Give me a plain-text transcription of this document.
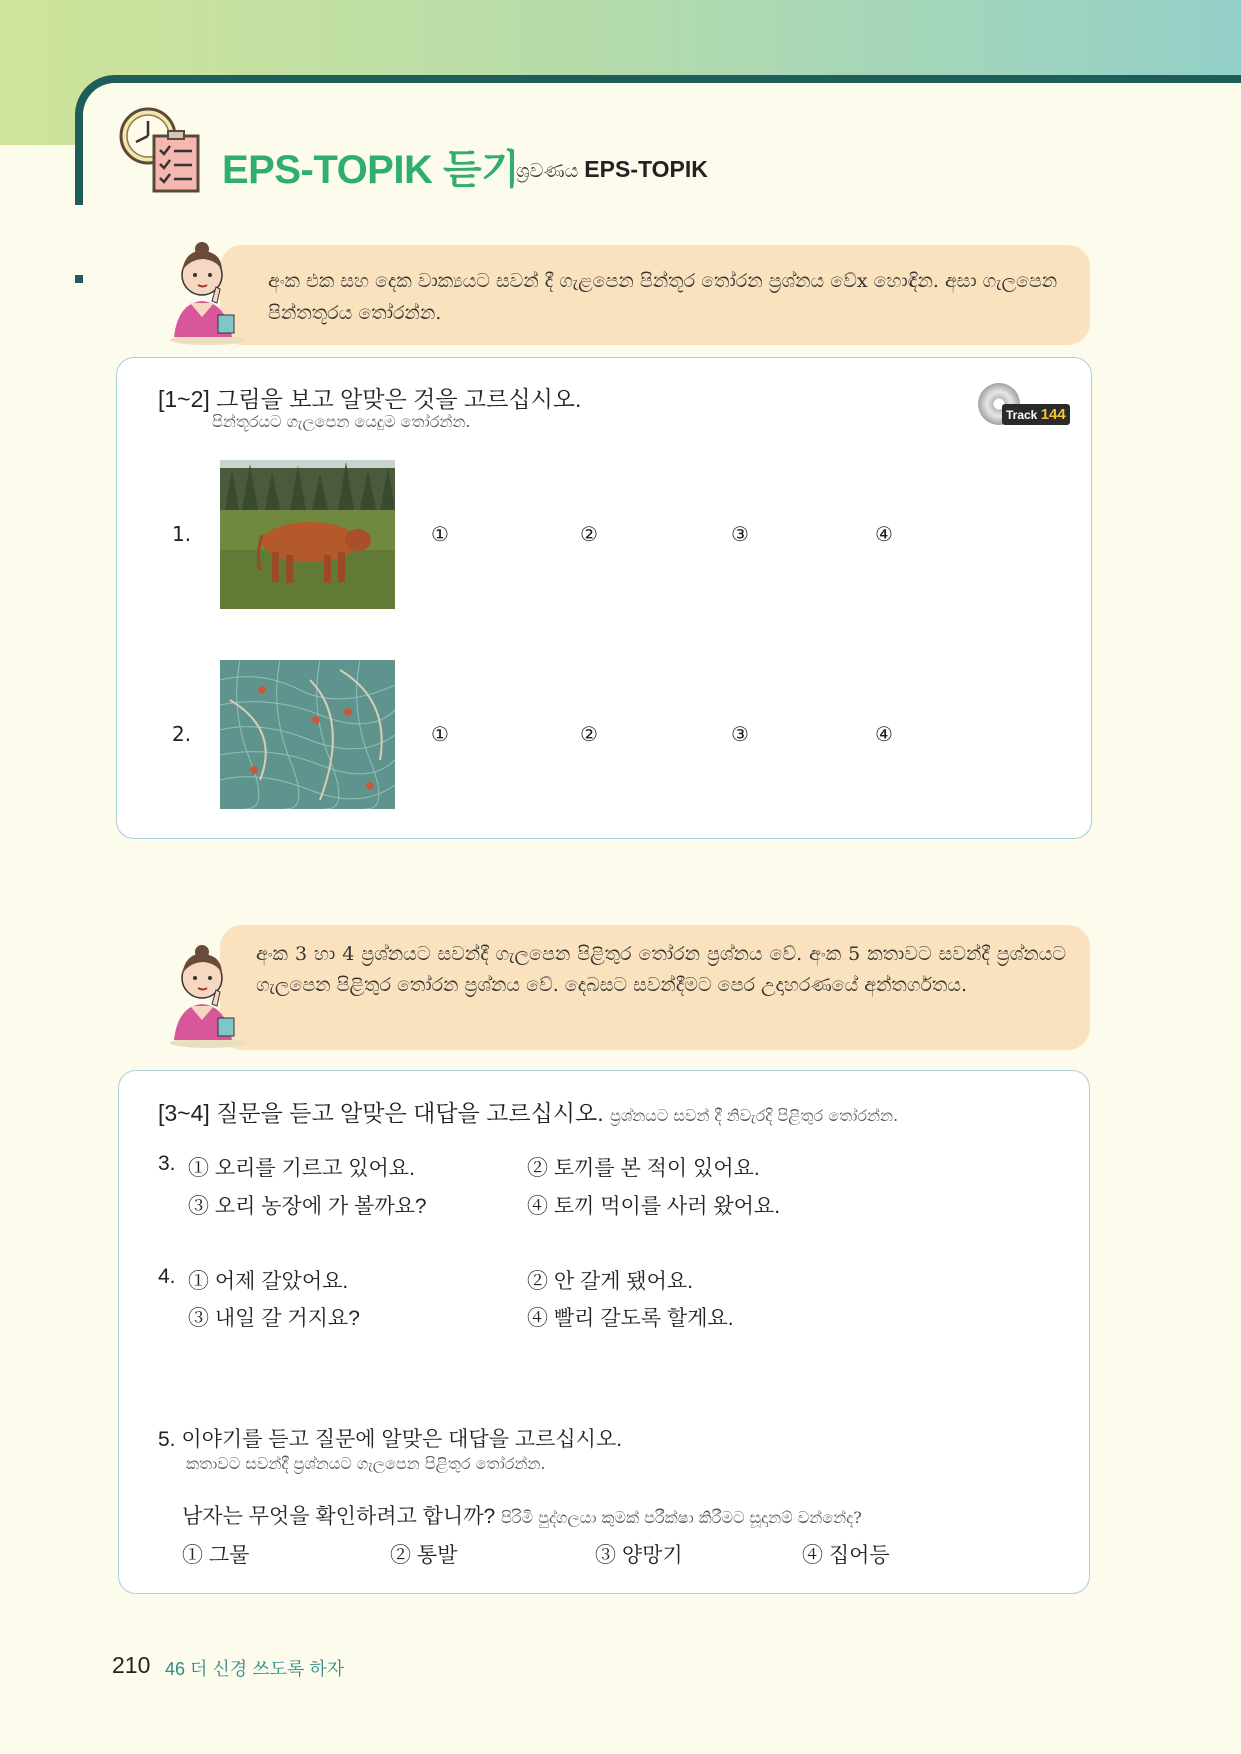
EPS-TOPIK 듣기
ශ්‍රවණය EPS-TOPIK

අංක එක සහ දෙක වාක්‍යයට සවන් දී ගැළපෙන පින්තූර තෝරන ප්‍රශ්නය වේx හොඳින. අසා ගැලපෙන පින්තතූරය තෝරන්න.

[1~2] 그림을 보고 알맞은 것을 고르십시오.
පින්තූරයට ගැලපෙන යෙදුම තෝරන්න.	Track 144
1.	①	②	③	④
2.	①	②	③	④

අංක 3 හා 4 ප්‍රශ්නයට සවන්දී ගැලපෙන පිළිතුර තෝරන ප්‍රශ්නය වේ. අංක 5 කතාවට සවන්දී ප්‍රශ්නයට ගැලපෙන පිළිතුර තෝරන ප්‍රශ්නය වේ. දෙබසට සවන්දීමට පෙර උදාහරණයේ අන්තර්ගතය.

[3~4] 질문을 듣고 알맞은 대답을 고르십시오. ප්‍රශ්නයට සවන් දී නිවැරදි පිළිතුර තෝරන්න.
3. ① 오리를 기르고 있어요.	② 토끼를 본 적이 있어요.
③ 오리 농장에 가 볼까요?	④ 토끼 먹이를 사러 왔어요.
4. ① 어제 갈았어요.	② 안 갈게 됐어요.
③ 내일 갈 거지요?	④ 빨리 갈도록 할게요.
5. 이야기를 듣고 질문에 알맞은 대답을 고르십시오.
කතාවට සවන්දී ප්‍රශ්නයට ගැලපෙන පිළිතුර තෝරන්න.
남자는 무엇을 확인하려고 합니까? පිරිමි පුද්ගලයා කුමක් පරීක්ෂා කිරීමට සූදානම් වන්නේද?
① 그물	② 통발	③ 양망기	④ 집어등
210 46 더 신경 쓰도록 하자
